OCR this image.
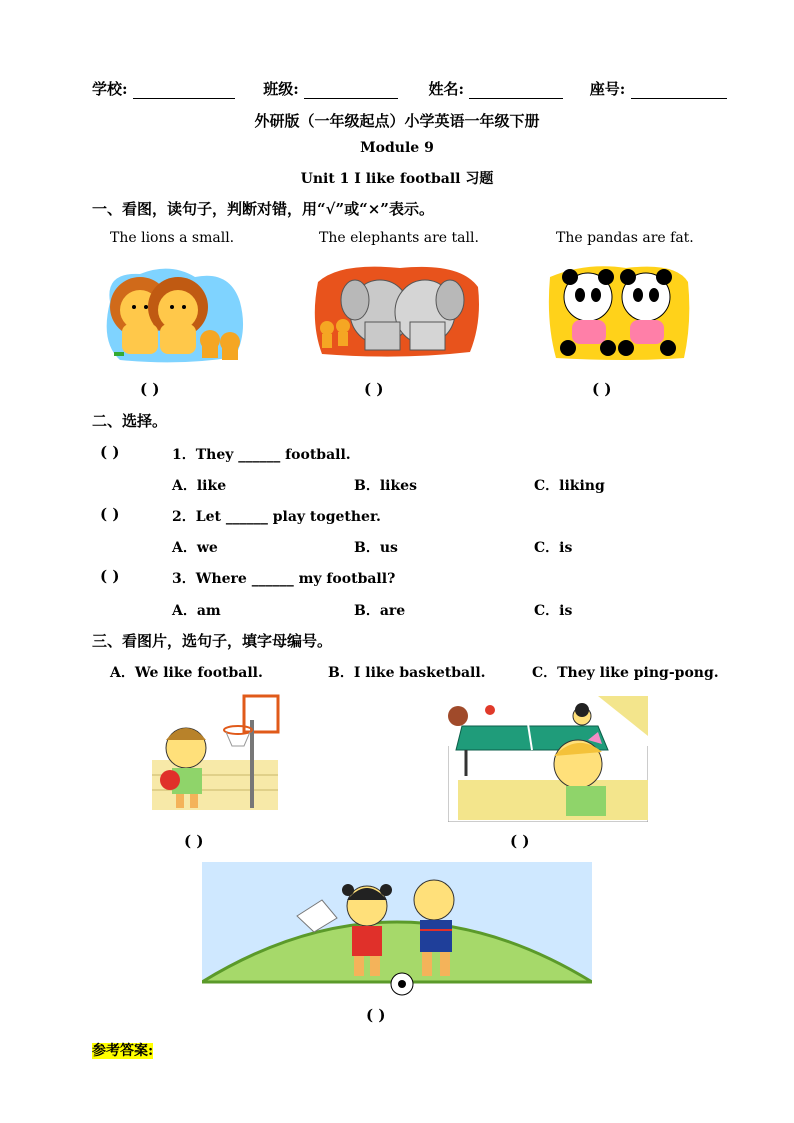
学校:	班级:	姓名:	座号:
外研版（一年级起点）小学英语一年级下册
Module 9
Unit 1 I like football 习题
一、看图，读句子，判断对错，用“√”或“×”表示。
The lions a small.	The elephants are tall.	The pandas are fat.
( )	( )	( )
二、选择。
( )	1．They ______ football.
A．like	B．likes	C．liking
( )	2．Let ______ play together.
A．we	B．us	C．is
( )	3．Where ______ my football?
A．am	B．are	C．is
三、看图片，选句子，填字母编号。
A．We like football.	B．I like basketball.	C．They like ping-pong.
( )	( )
( )
参考答案:
